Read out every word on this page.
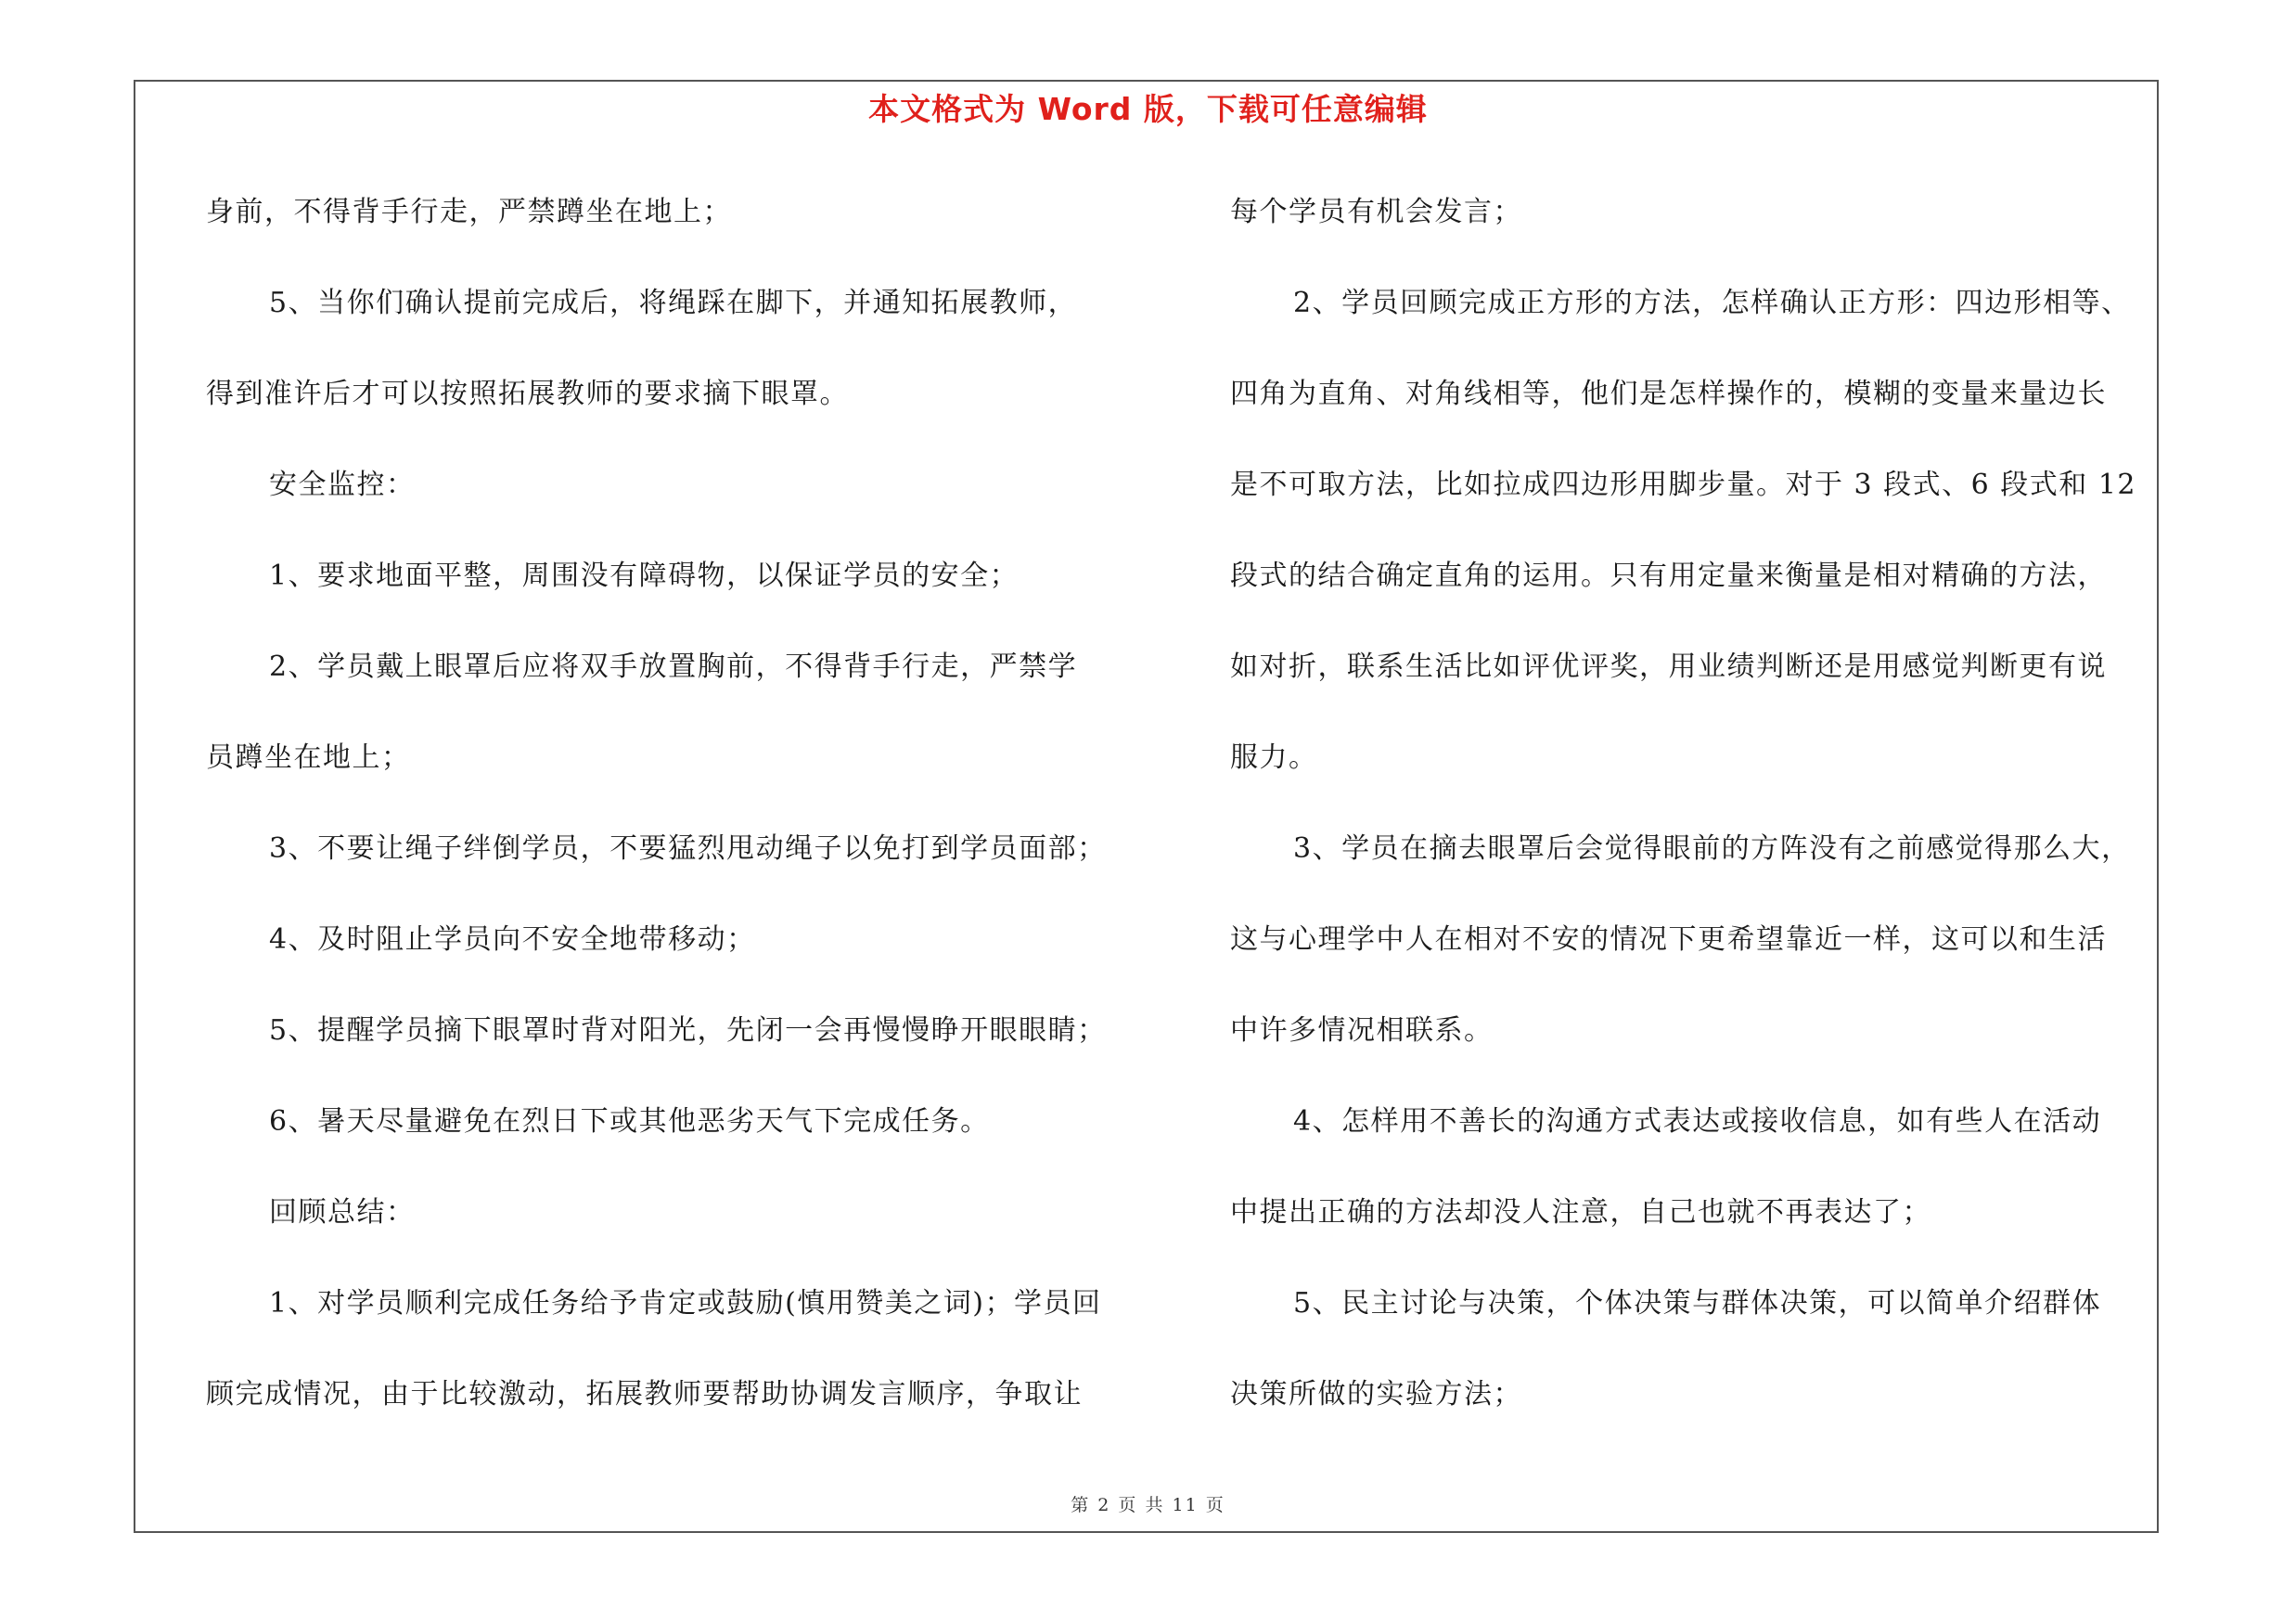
本文格式为 Word 版，下载可任意编辑
身前，不得背手行走，严禁蹲坐在地上；
5、当你们确认提前完成后，将绳踩在脚下，并通知拓展教师，
得到准许后才可以按照拓展教师的要求摘下眼罩。
安全监控：
1、要求地面平整，周围没有障碍物，以保证学员的安全；
2、学员戴上眼罩后应将双手放置胸前，不得背手行走，严禁学
员蹲坐在地上；
3、不要让绳子绊倒学员，不要猛烈甩动绳子以免打到学员面部；
4、及时阻止学员向不安全地带移动；
5、提醒学员摘下眼罩时背对阳光，先闭一会再慢慢睁开眼眼睛；
6、暑天尽量避免在烈日下或其他恶劣天气下完成任务。
回顾总结：
1、对学员顺利完成任务给予肯定或鼓励(慎用赞美之词)；学员回
顾完成情况，由于比较激动，拓展教师要帮助协调发言顺序，争取让
每个学员有机会发言；
2、学员回顾完成正方形的方法，怎样确认正方形：四边形相等、
四角为直角、对角线相等，他们是怎样操作的，模糊的变量来量边长
是不可取方法，比如拉成四边形用脚步量。对于 3 段式、6 段式和 12
段式的结合确定直角的运用。只有用定量来衡量是相对精确的方法，
如对折，联系生活比如评优评奖，用业绩判断还是用感觉判断更有说
服力。
3、学员在摘去眼罩后会觉得眼前的方阵没有之前感觉得那么大，
这与心理学中人在相对不安的情况下更希望靠近一样，这可以和生活
中许多情况相联系。
4、怎样用不善长的沟通方式表达或接收信息，如有些人在活动
中提出正确的方法却没人注意，自己也就不再表达了；
5、民主讨论与决策，个体决策与群体决策，可以简单介绍群体
决策所做的实验方法；
第 2 页 共 11 页
